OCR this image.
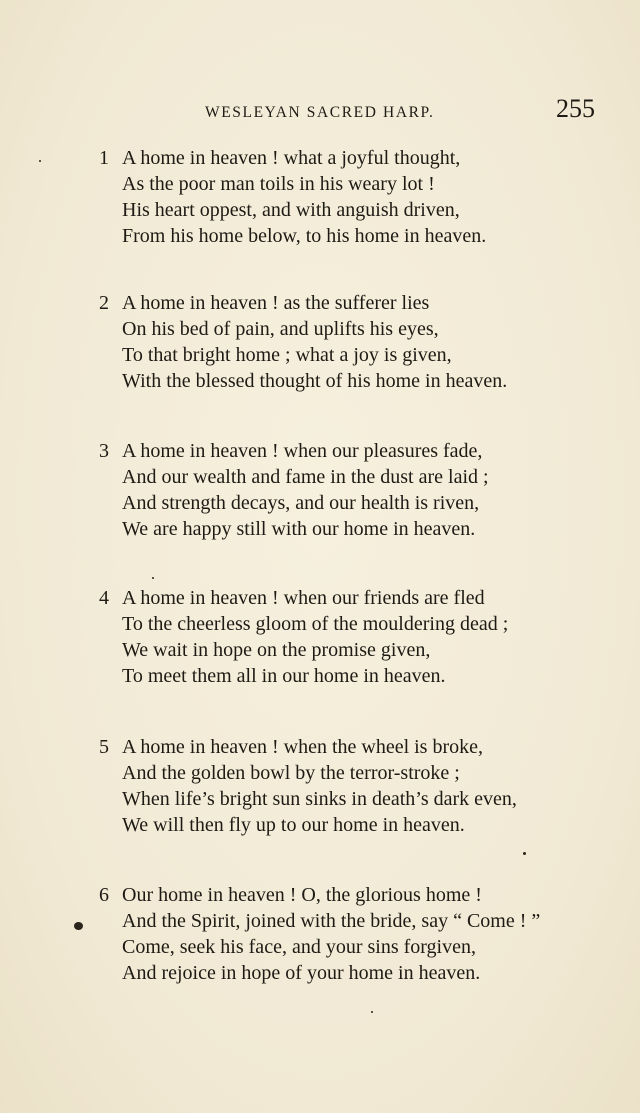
WESLEYAN SACRED HARP.	255
1 A home in heaven ! what a joyful thought,
As the poor man toils in his weary lot !
His heart oppest, and with anguish driven,
From his home below, to his home in heaven.
2 A home in heaven ! as the sufferer lies
On his bed of pain, and uplifts his eyes,
To that bright home ; what a joy is given,
With the blessed thought of his home in heaven.
3 A home in heaven ! when our pleasures fade,
And our wealth and fame in the dust are laid ;
And strength decays, and our health is riven,
We are happy still with our home in heaven.
4 A home in heaven ! when our friends are fled
To the cheerless gloom of the mouldering dead ;
We wait in hope on the promise given,
To meet them all in our home in heaven.
5 A home in heaven ! when the wheel is broke,
And the golden bowl by the terror-stroke ;
When life’s bright sun sinks in death’s dark even,
We will then fly up to our home in heaven.
6 Our home in heaven ! O, the glorious home !
And the Spirit, joined with the bride, say “ Come ! ”
Come, seek his face, and your sins forgiven,
And rejoice in hope of your home in heaven.
